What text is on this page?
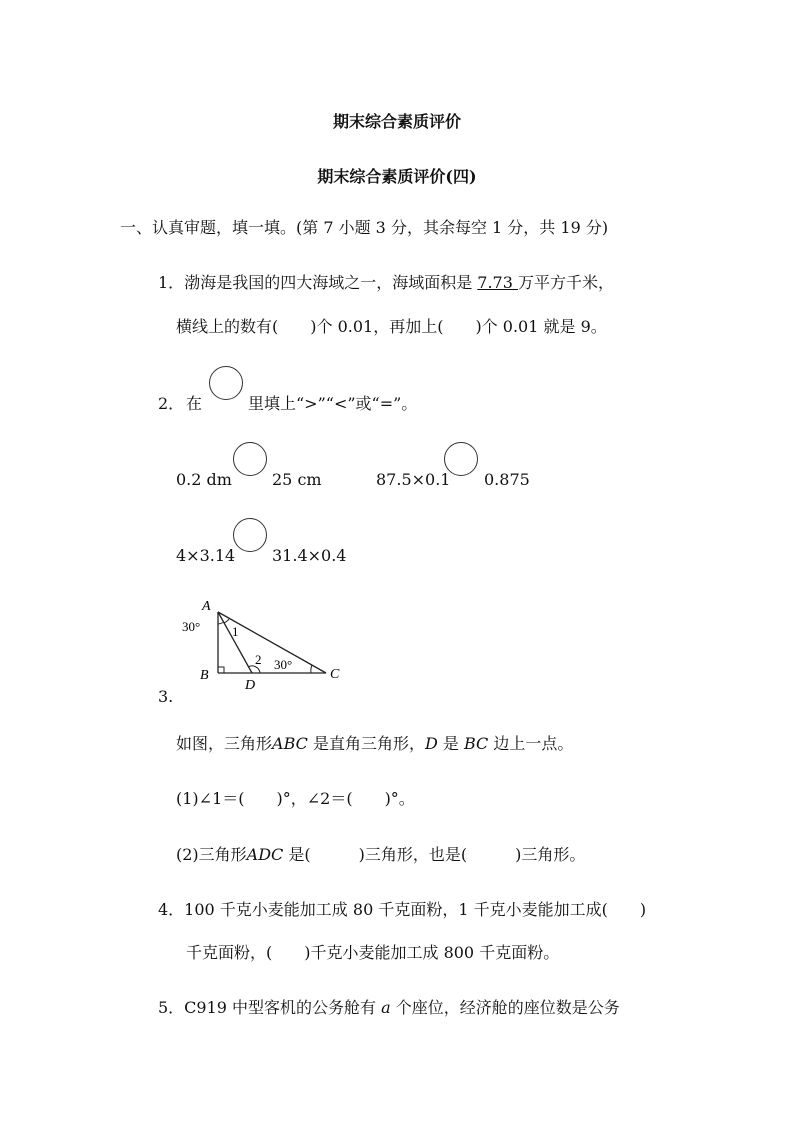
期末综合素质评价
期末综合素质评价(四)
一、认真审题，填一填。(第 7 小题 3 分，其余每空 1 分，共 19 分)
1．渤海是我国的四大海域之一，海域面积是 7.73 万平方千米，
横线上的数有(　　)个 0.01，再加上(　　)个 0.01 就是 9。
2． 在	里填上“>”“<”或“=”。
0.2 dm	25 cm	87.5×0.1 0.875
4×3.14 31.4×0.4
A
B	C
D
30°
30°
1
2
3.
如图，三角形ABC 是直角三角形，D 是 BC 边上一点。
(1)∠1＝(　　)°，∠2＝(　　)°。
(2)三角形ADC 是(　　　)三角形，也是(　　　)三角形。
4．100 千克小麦能加工成 80 千克面粉，1 千克小麦能加工成(　　)
千克面粉，(　　)千克小麦能加工成 800 千克面粉。
5．C919 中型客机的公务舱有 a 个座位，经济舱的座位数是公务
